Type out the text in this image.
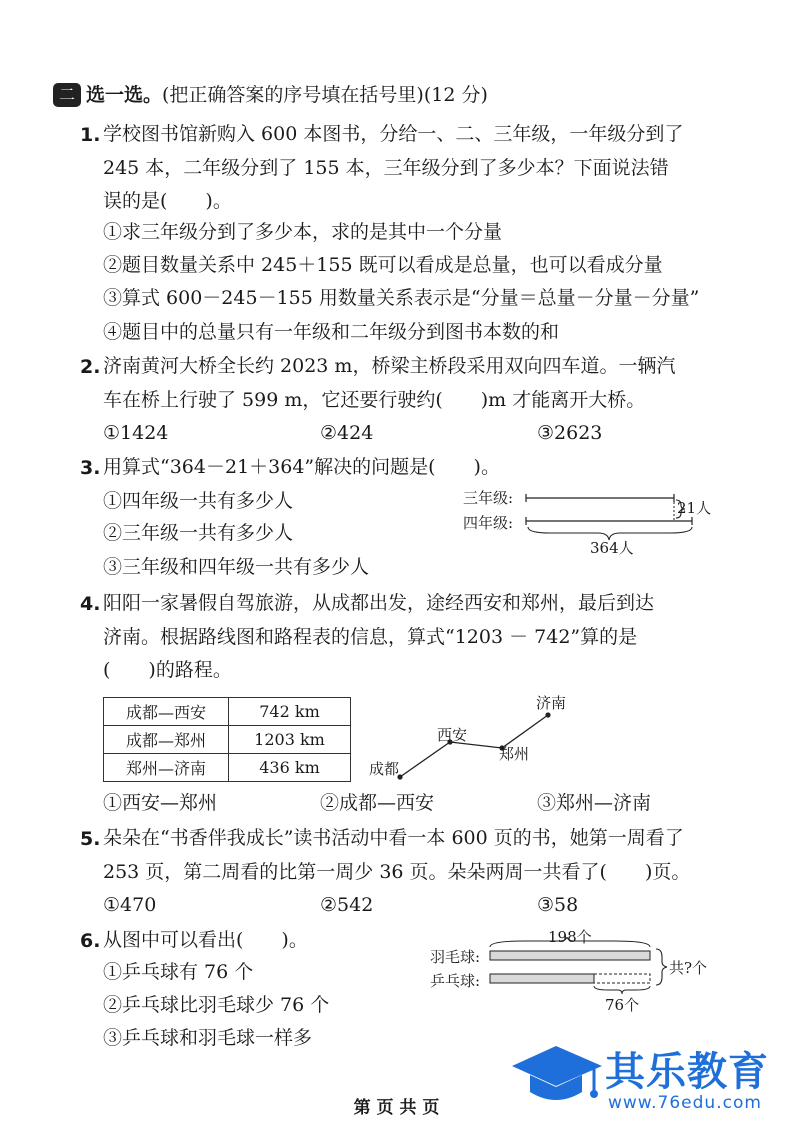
二 选一选。(把正确答案的序号填在括号里)(12 分)
1. 学校图书馆新购入 600 本图书，分给一、二、三年级，一年级分到了
245 本，二年级分到了 155 本，三年级分到了多少本？下面说法错
误的是(　　)。
①求三年级分到了多少本，求的是其中一个分量
②题目数量关系中 245＋155 既可以看成是总量，也可以看成分量
③算式 600－245－155 用数量关系表示是“分量＝总量－分量－分量”
④题目中的总量只有一年级和二年级分到图书本数的和
2. 济南黄河大桥全长约 2023 m，桥梁主桥段采用双向四车道。一辆汽
车在桥上行驶了 599 m，它还要行驶约(　　)m 才能离开大桥。
①1424	②424	③2623
3. 用算式“364－21＋364”解决的问题是(　　)。
①四年级一共有多少人
②三年级一共有多少人
③三年级和四年级一共有多少人
三年级:
四年级:
21人
364人
4. 阳阳一家暑假自驾旅游，从成都出发，途经西安和郑州，最后到达
济南。根据路线图和路程表的信息，算式“1203 － 742”算的是
(　　)的路程。
成都—西安	742 km
成都—郑州	1203 km
郑州—济南	436 km	成都
西安
郑州
济南
①西安—郑州	②成都—西安	③郑州—济南
5. 朵朵在“书香伴我成长”读书活动中看一本 600 页的书，她第一周看了
253 页，第二周看的比第一周少 36 页。朵朵两周一共看了(　　)页。
①470	②542	③58
6. 从图中可以看出(　　)。
①乒乓球有 76 个
②乒乓球比羽毛球少 76 个
③乒乓球和羽毛球一样多
羽毛球:
乒乓球:
198个
共?个
76个
第 页 共 页
其乐教育
www.76edu.com
